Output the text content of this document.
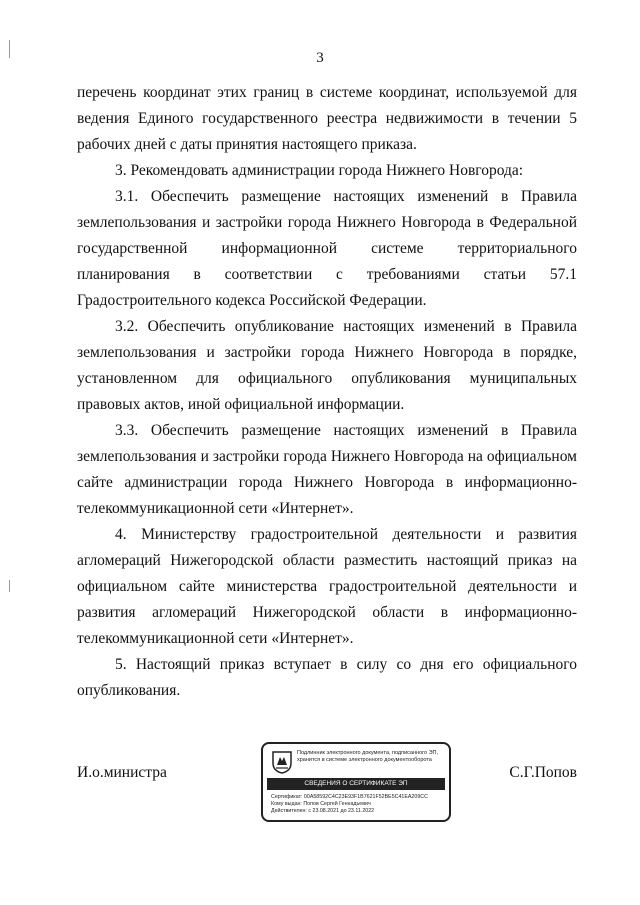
3

перечень координат этих границ в системе координат, используемой для ведения Единого государственного реестра недвижимости в течении 5 рабочих дней с даты принятия настоящего приказа.

3. Рекомендовать администрации города Нижнего Новгорода:

3.1. Обеспечить размещение настоящих изменений в Правила землепользования и застройки города Нижнего Новгорода в Федеральной государственной информационной системе территориального планирования в соответствии с требованиями статьи 57.1 Градостроительного кодекса Российской Федерации.

3.2. Обеспечить опубликование настоящих изменений в Правила землепользования и застройки города Нижнего Новгорода в порядке, установленном для официального опубликования муниципальных правовых актов, иной официальной информации.

3.3. Обеспечить размещение настоящих изменений в Правила землепользования и застройки города Нижнего Новгорода на официальном сайте администрации города Нижнего Новгорода в информационно-телекоммуникационной сети «Интернет».

4. Министерству градостроительной деятельности и развития агломераций Нижегородской области разместить настоящий приказ на официальном сайте министерства градостроительной деятельности и развития агломераций Нижегородской области в информационно-телекоммуникационной сети «Интернет».

5. Настоящий приказ вступает в силу со дня его официального опубликования.

И.о.министра
Подлинник электронного документа, подписанного ЭП, хранится в системе электронного документооборота
СВЕДЕНИЯ О СЕРТИФИКАТЕ ЭП
Сертификат: 00A58592C4C23E93F1B7621F52BE5C41EA209CC
Кому выдан: Попов Сергей Геннадьевич
Действителен: с 23.08.2021 до 23.11.2022
С.Г.Попов
